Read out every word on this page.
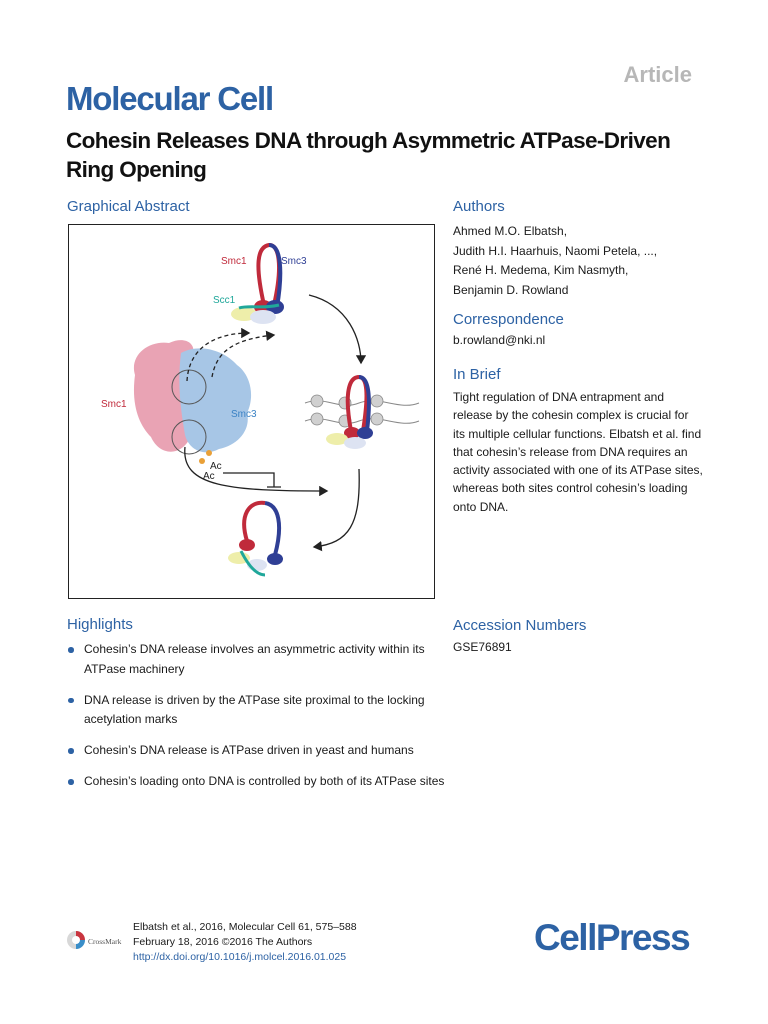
Article
Molecular Cell
Cohesin Releases DNA through Asymmetric ATPase-Driven Ring Opening
Graphical Abstract
Smc1	Smc3
Scc1
Smc1
Smc3
Ac
Ac
Authors
Ahmed M.O. Elbatsh,
Judith H.I. Haarhuis, Naomi Petela, ...,
René H. Medema, Kim Nasmyth,
Benjamin D. Rowland
Correspondence
b.rowland@nki.nl
In Brief
Tight regulation of DNA entrapment and release by the cohesin complex is crucial for its multiple cellular functions. Elbatsh et al. find that cohesin’s release from DNA requires an activity associated with one of its ATPase sites, whereas both sites control cohesin’s loading onto DNA.
Highlights
Cohesin’s DNA release involves an asymmetric activity within its ATPase machinery
DNA release is driven by the ATPase site proximal to the locking acetylation marks
Cohesin’s DNA release is ATPase driven in yeast and humans
Cohesin’s loading onto DNA is controlled by both of its ATPase sites
Accession Numbers
GSE76891
CrossMark
Elbatsh et al., 2016, Molecular Cell 61, 575–588
February 18, 2016 ©2016 The Authors
http://dx.doi.org/10.1016/j.molcel.2016.01.025	CellPress
